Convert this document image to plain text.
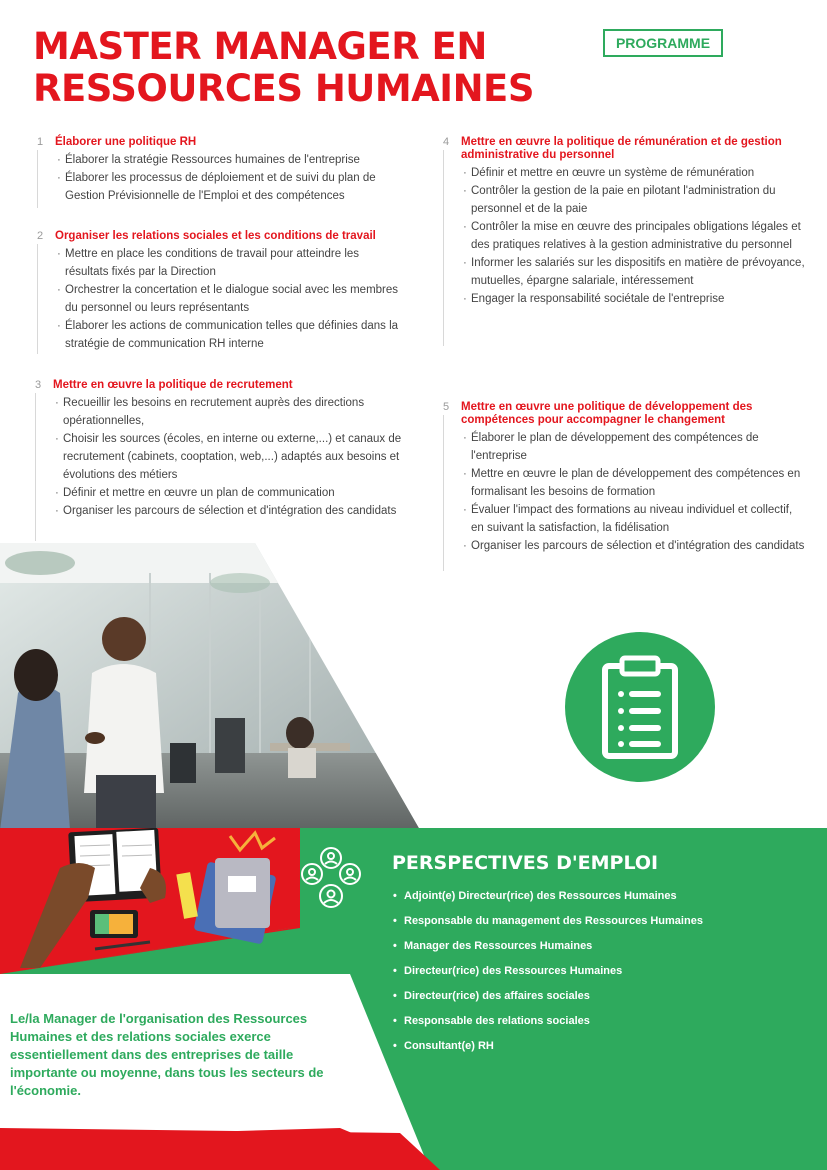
MASTER MANAGER EN
RESSOURCES HUMAINES
PROGRAMME
1 Élaborer une politique RH
· Élaborer la stratégie Ressources humaines de l'entreprise
· Élaborer les processus de déploiement et de suivi du plan de Gestion Prévisionnelle de l'Emploi et des compétences
2 Organiser les relations sociales et les conditions de travail
· Mettre en place les conditions de travail pour atteindre les résultats fixés par la Direction
· Orchestrer la concertation et le dialogue social avec les membres du personnel ou leurs représentants
· Élaborer les actions de communication telles que définies dans la stratégie de communication RH interne
3 Mettre en œuvre la politique de recrutement
· Recueillir les besoins en recrutement auprès des directions opérationnelles,
· Choisir les sources (écoles, en interne ou externe,...) et canaux de recrutement (cabinets, cooptation, web,...) adaptés aux besoins et évolutions des métiers
· Définir et mettre en œuvre un plan de communication
· Organiser les parcours de sélection et d'intégration des candidats
4 Mettre en œuvre la politique de rémunération et de gestion administrative du personnel
· Définir et mettre en œuvre un système de rémunération
· Contrôler la gestion de la paie en pilotant l'administration du personnel et de la paie
· Contrôler la mise en œuvre des principales obligations légales et des pratiques relatives à la gestion administrative du personnel
· Informer les salariés sur les dispositifs en matière de prévoyance, mutuelles, épargne salariale, intéressement
· Engager la responsabilité sociétale de l'entreprise
5 Mettre en œuvre une politique de développement des compétences pour accompagner le changement
· Élaborer le plan de développement des compétences de l'entreprise
· Mettre en œuvre le plan de développement des compétences en formalisant les besoins de formation
· Évaluer l'impact des formations au niveau individuel et collectif, en suivant la satisfaction, la fidélisation
· Organiser les parcours de sélection et d'intégration des candidats
PERSPECTIVES D'EMPLOI
• Adjoint(e) Directeur(rice) des Ressources Humaines
• Responsable du management des Ressources Humaines
• Manager des Ressources Humaines
• Directeur(rice) des Ressources Humaines
• Directeur(rice) des affaires sociales
• Responsable des relations sociales
• Consultant(e) RH

Le/la Manager de l'organisation des Ressources Humaines et des relations sociales exerce essentiellement dans des entreprises de taille importante ou moyenne, dans tous les secteurs de l'économie.
